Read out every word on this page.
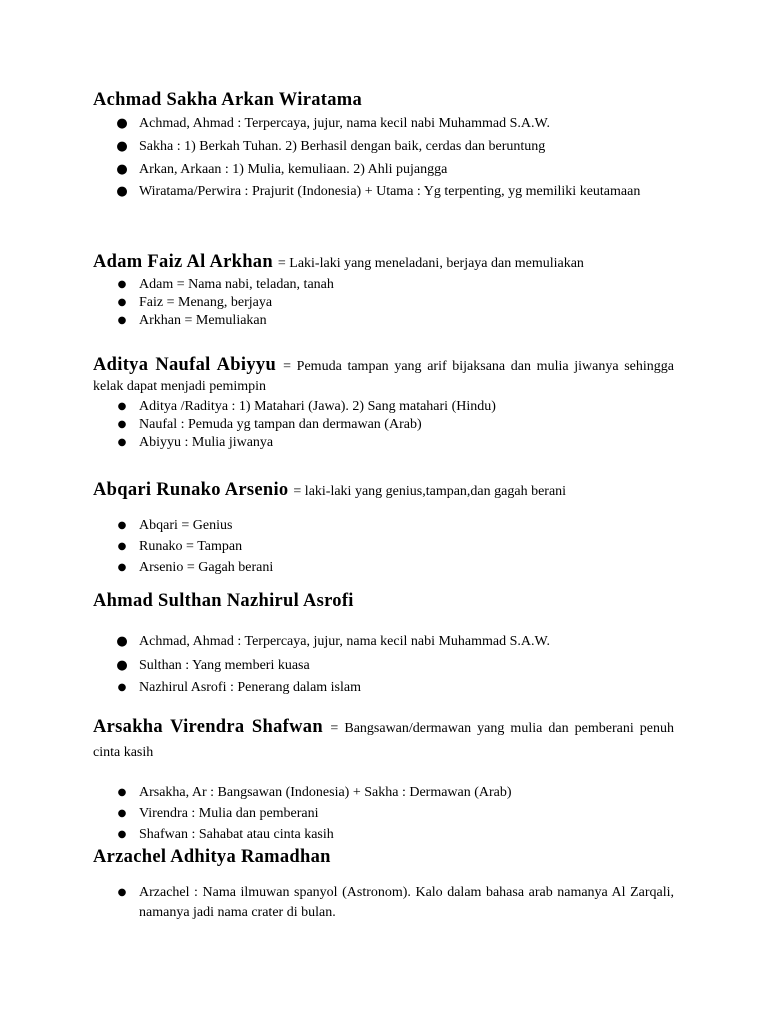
Achmad Sakha Arkan Wiratama
● Achmad, Ahmad : Terpercaya, jujur, nama kecil nabi Muhammad S.A.W.
● Sakha : 1) Berkah Tuhan. 2) Berhasil dengan baik, cerdas dan beruntung
● Arkan, Arkaan : 1) Mulia, kemuliaan. 2) Ahli pujangga
● Wiratama/Perwira : Prajurit (Indonesia) + Utama : Yg terpenting, yg memiliki keutamaan
Adam Faiz Al Arkhan = Laki-laki yang meneladani, berjaya dan memuliakan
● Adam = Nama nabi, teladan, tanah
● Faiz = Menang, berjaya
● Arkhan = Memuliakan
Aditya Naufal Abiyyu = Pemuda tampan yang arif bijaksana dan mulia jiwanya sehingga kelak dapat menjadi pemimpin
● Aditya /Raditya : 1) Matahari (Jawa). 2) Sang matahari (Hindu)
● Naufal : Pemuda yg tampan dan dermawan (Arab)
● Abiyyu : Mulia jiwanya
Abqari Runako Arsenio = laki-laki yang genius,tampan,dan gagah berani
● Abqari = Genius
● Runako = Tampan
● Arsenio = Gagah berani
Ahmad Sulthan Nazhirul Asrofi
● Achmad, Ahmad : Terpercaya, jujur, nama kecil nabi Muhammad S.A.W.
● Sulthan : Yang memberi kuasa
● Nazhirul Asrofi : Penerang dalam islam
Arsakha Virendra Shafwan = Bangsawan/dermawan yang mulia dan pemberani penuh cinta kasih
● Arsakha, Ar : Bangsawan (Indonesia) + Sakha : Dermawan (Arab)
● Virendra : Mulia dan pemberani
● Shafwan : Sahabat atau cinta kasih
Arzachel Adhitya Ramadhan
● Arzachel : Nama ilmuwan spanyol (Astronom). Kalo dalam bahasa arab namanya Al Zarqali, namanya jadi nama crater di bulan.
